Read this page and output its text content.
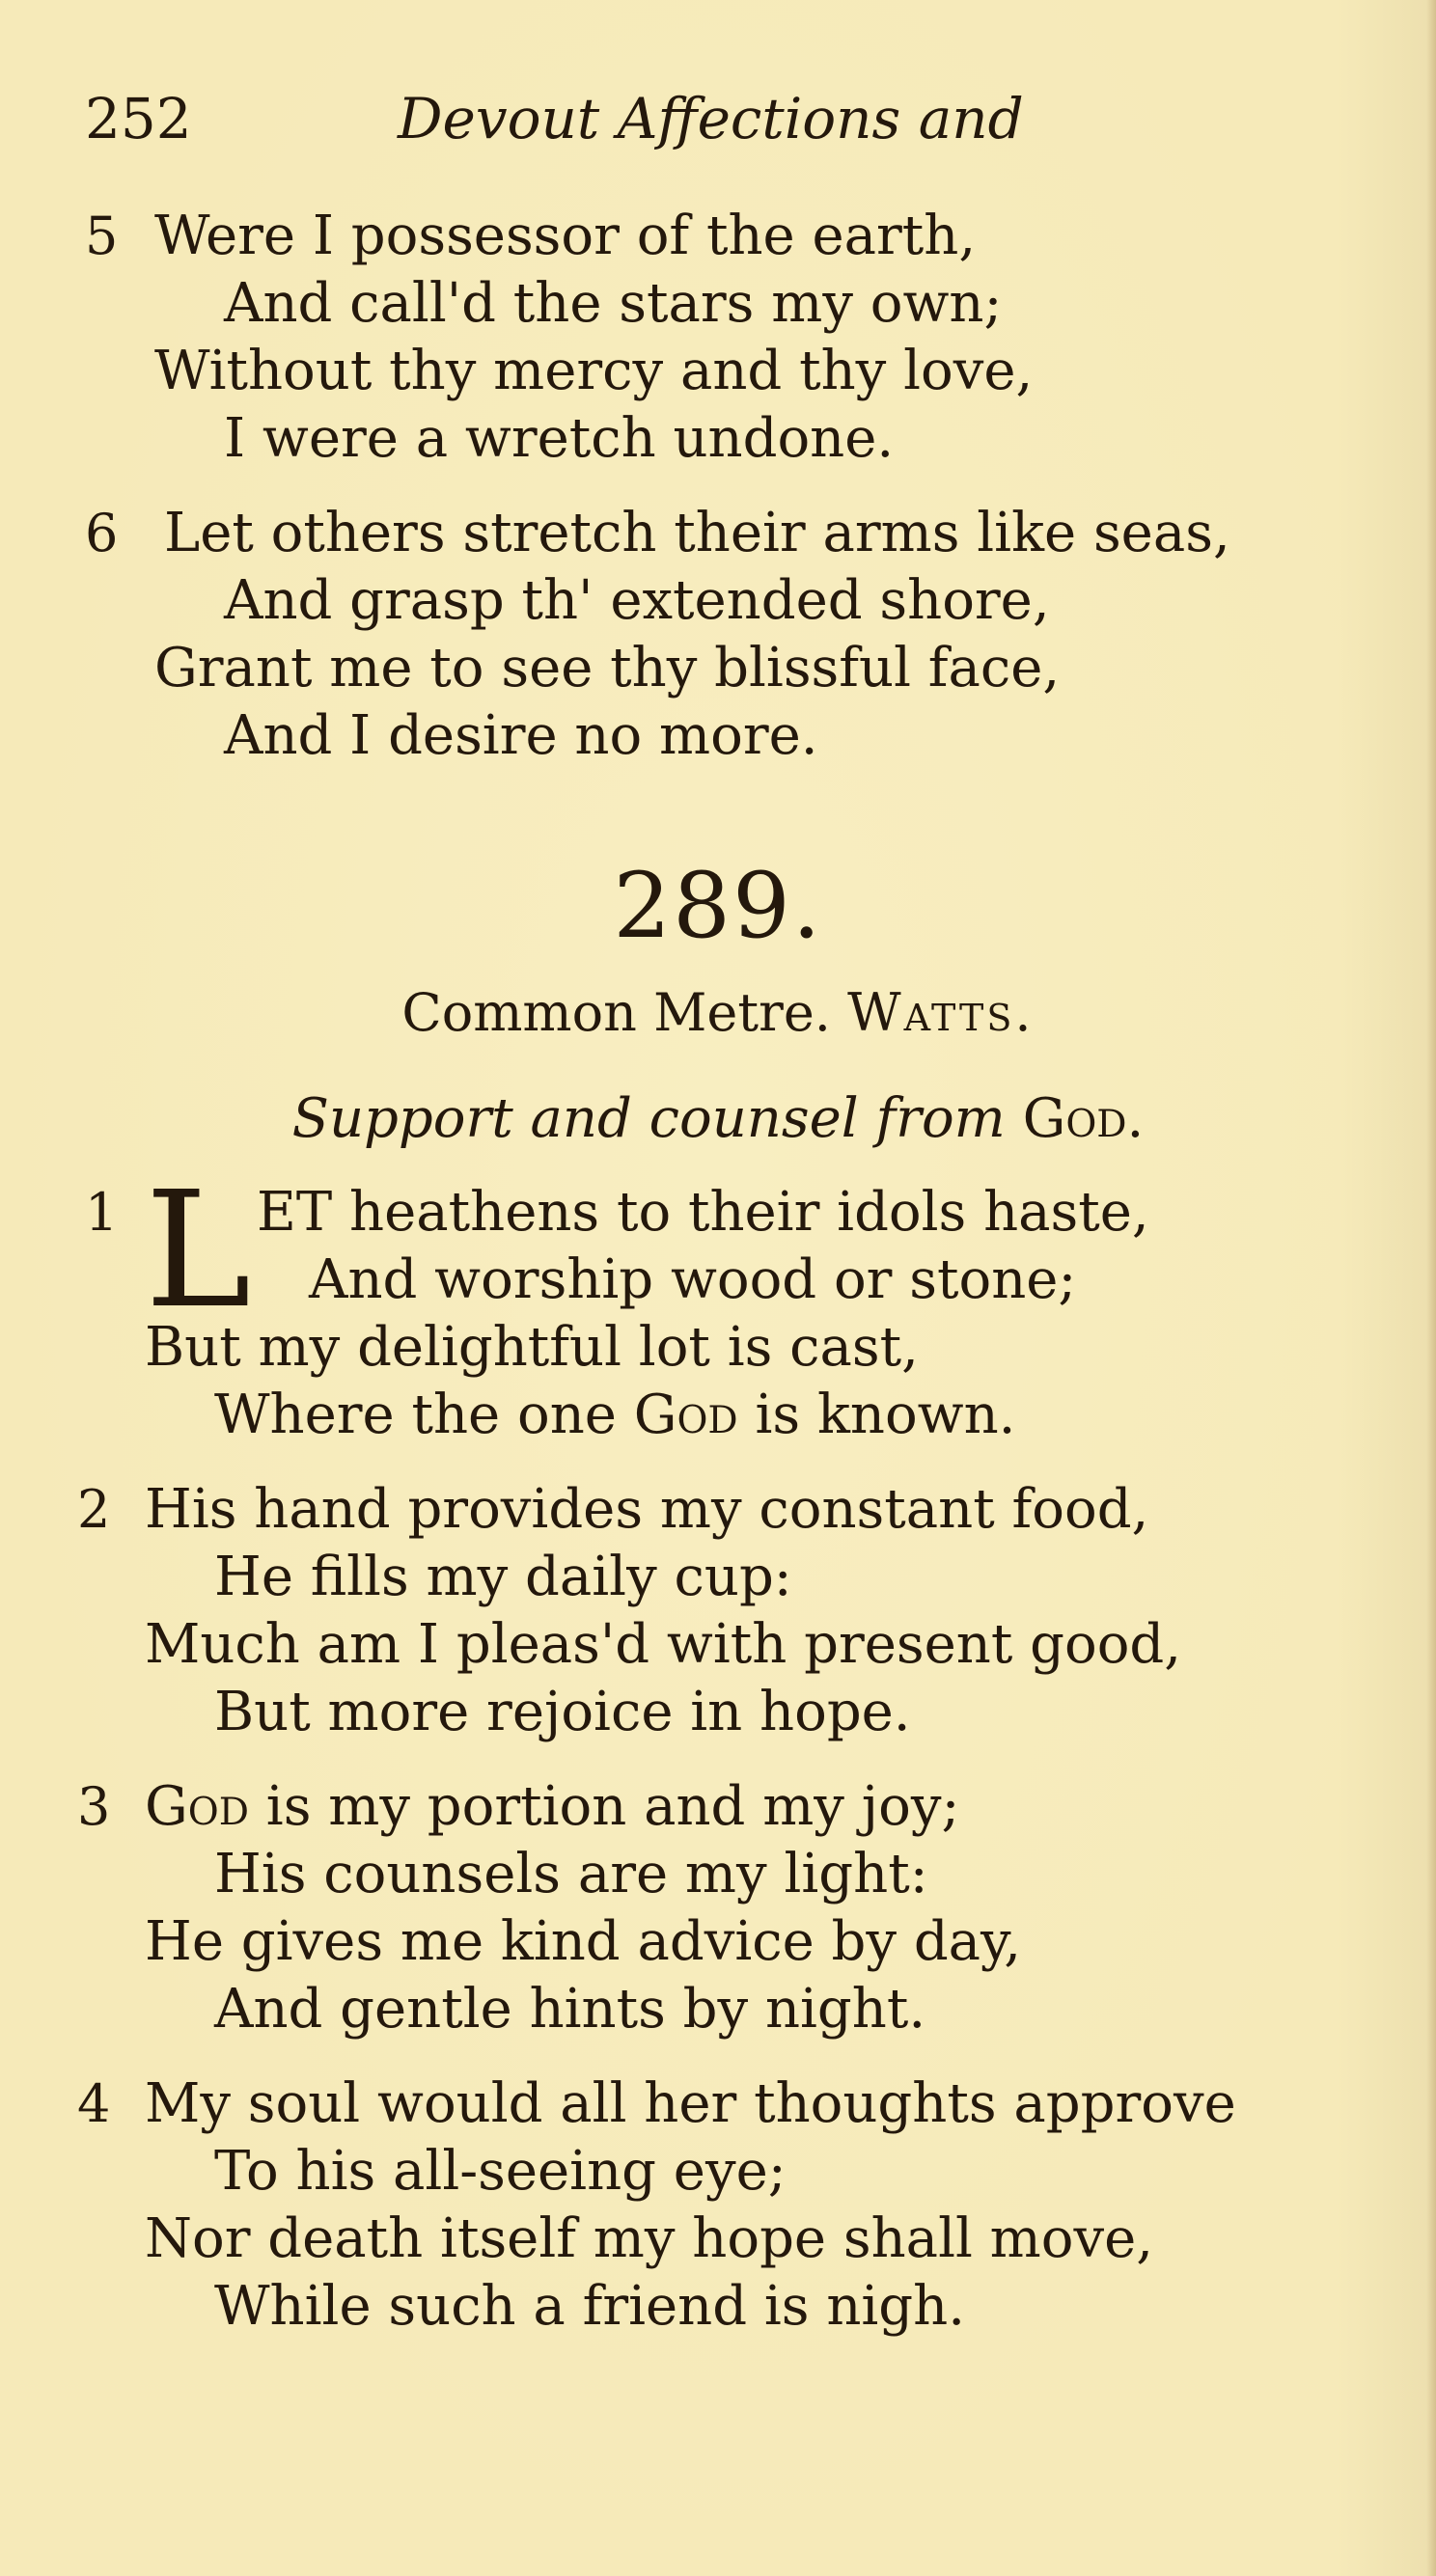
252	Devout Affections and
5 Were I possessor of the earth,
And call'd the stars my own;
Without thy mercy and thy love,
I were a wretch undone.
6 Let others stretch their arms like seas,
And grasp th' extended shore,
Grant me to see thy blissful face,
And I desire no more.
289.
Common Metre. Watts.
Support and counsel from God.
1 L ET heathens to their idols haste,
And worship wood or stone;
But my delightful lot is cast,
Where the one God is known.
2 His hand provides my constant food,
He fills my daily cup:
Much am I pleas'd with present good,
But more rejoice in hope.
3 God is my portion and my joy;
His counsels are my light:
He gives me kind advice by day,
And gentle hints by night.
4 My soul would all her thoughts approve
To his all-seeing eye;
Nor death itself my hope shall move,
While such a friend is nigh.
